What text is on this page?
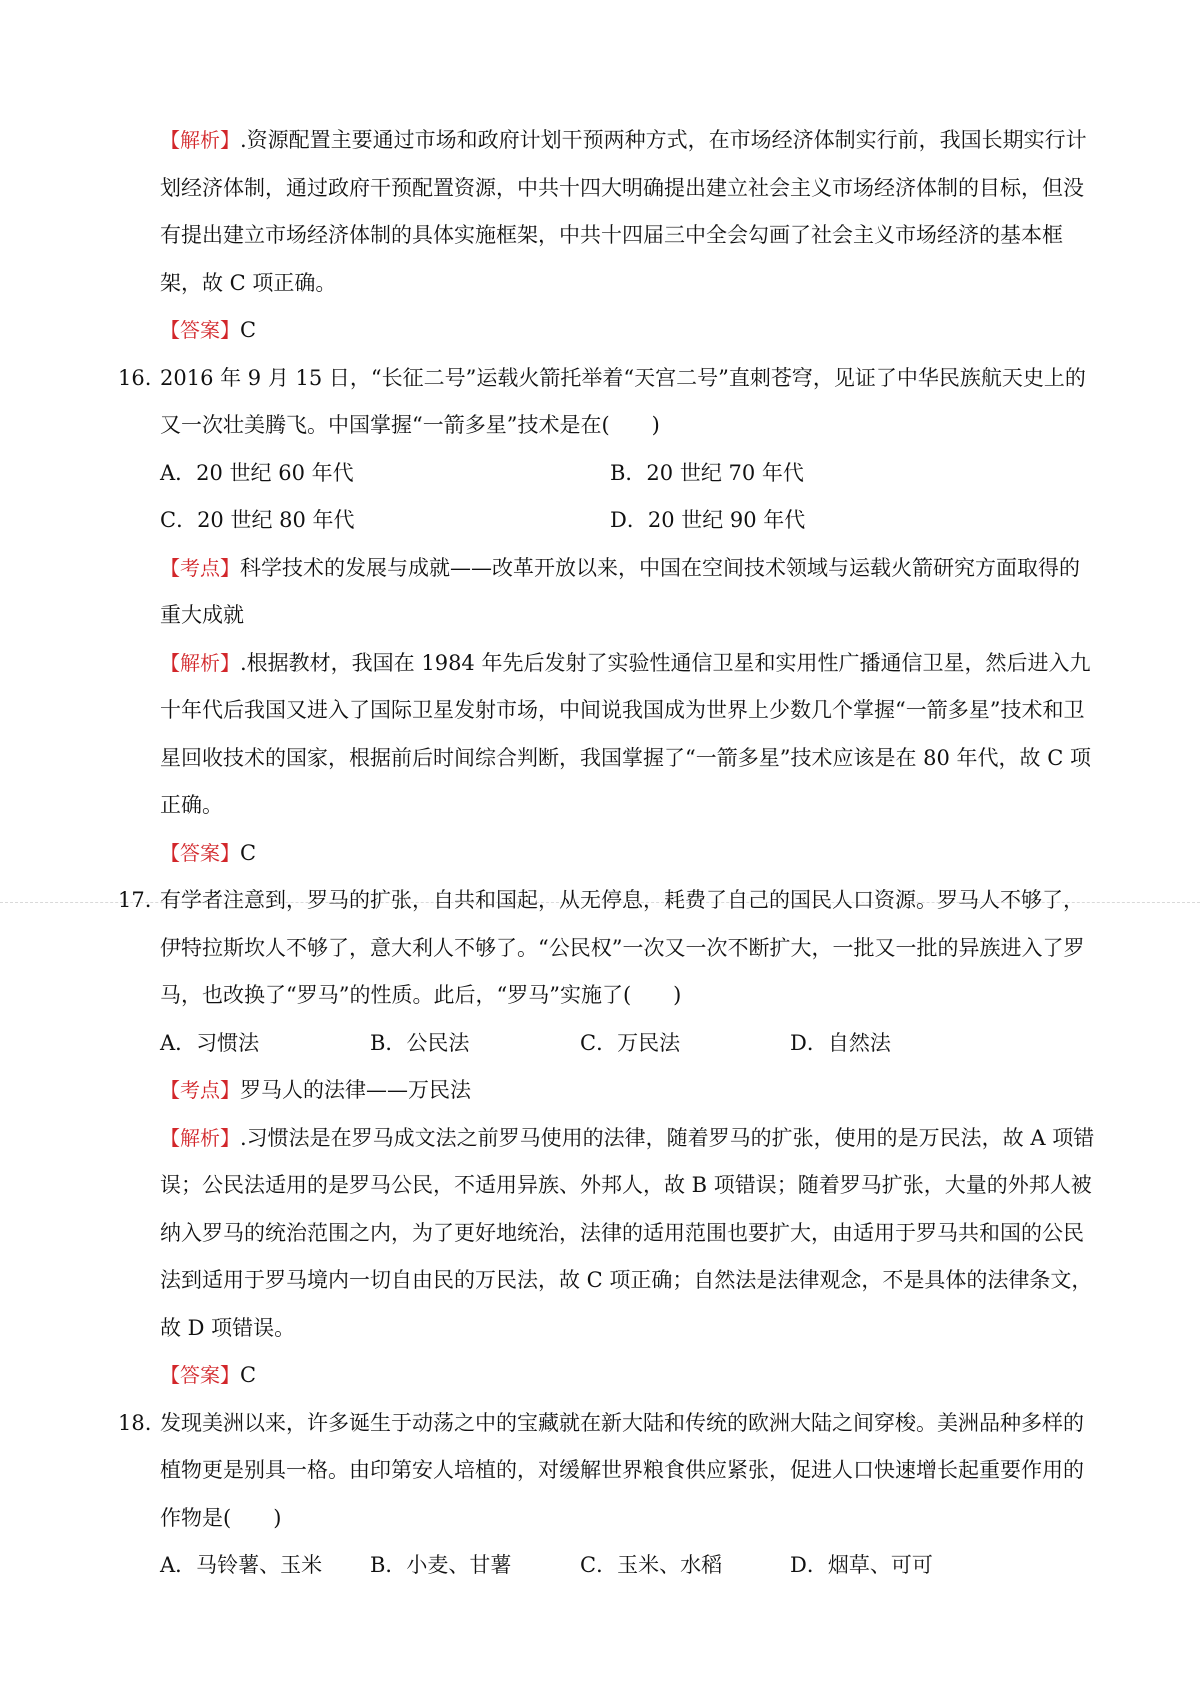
【解析】.资源配置主要通过市场和政府计划干预两种方式，在市场经济体制实行前，我国长期实行计划经济体制，通过政府干预配置资源，中共十四大明确提出建立社会主义市场经济体制的目标，但没有提出建立市场经济体制的具体实施框架，中共十四届三中全会勾画了社会主义市场经济的基本框架，故 C 项正确。

【答案】C

16. 2016 年 9 月 15 日，“长征二号”运载火箭托举着“天宫二号”直刺苍穹，见证了中华民族航天史上的又一次壮美腾飞。中国掌握“一箭多星”技术是在(　　)

A．20 世纪 60 年代	B．20 世纪 70 年代
C．20 世纪 80 年代	D．20 世纪 90 年代

【考点】科学技术的发展与成就——改革开放以来，中国在空间技术领域与运载火箭研究方面取得的重大成就

【解析】.根据教材，我国在 1984 年先后发射了实验性通信卫星和实用性广播通信卫星，然后进入九十年代后我国又进入了国际卫星发射市场，中间说我国成为世界上少数几个掌握“一箭多星”技术和卫星回收技术的国家，根据前后时间综合判断，我国掌握了“一箭多星”技术应该是在 80 年代，故 C 项正确。

【答案】C

17. 有学者注意到，罗马的扩张，自共和国起，从无停息，耗费了自己的国民人口资源。罗马人不够了，伊特拉斯坎人不够了，意大利人不够了。“公民权”一次又一次不断扩大，一批又一批的异族进入了罗马，也改换了“罗马”的性质。此后，“罗马”实施了(　　)

A．习惯法	B．公民法	C．万民法	D．自然法

【考点】罗马人的法律——万民法

【解析】.习惯法是在罗马成文法之前罗马使用的法律，随着罗马的扩张，使用的是万民法，故 A 项错误；公民法适用的是罗马公民，不适用异族、外邦人，故 B 项错误；随着罗马扩张，大量的外邦人被纳入罗马的统治范围之内，为了更好地统治，法律的适用范围也要扩大，由适用于罗马共和国的公民法到适用于罗马境内一切自由民的万民法，故 C 项正确；自然法是法律观念，不是具体的法律条文，故 D 项错误。

【答案】C

18. 发现美洲以来，许多诞生于动荡之中的宝藏就在新大陆和传统的欧洲大陆之间穿梭。美洲品种多样的植物更是别具一格。由印第安人培植的，对缓解世界粮食供应紧张，促进人口快速增长起重要作用的作物是(　　)

A．马铃薯、玉米	B．小麦、甘薯	C．玉米、水稻	D．烟草、可可
